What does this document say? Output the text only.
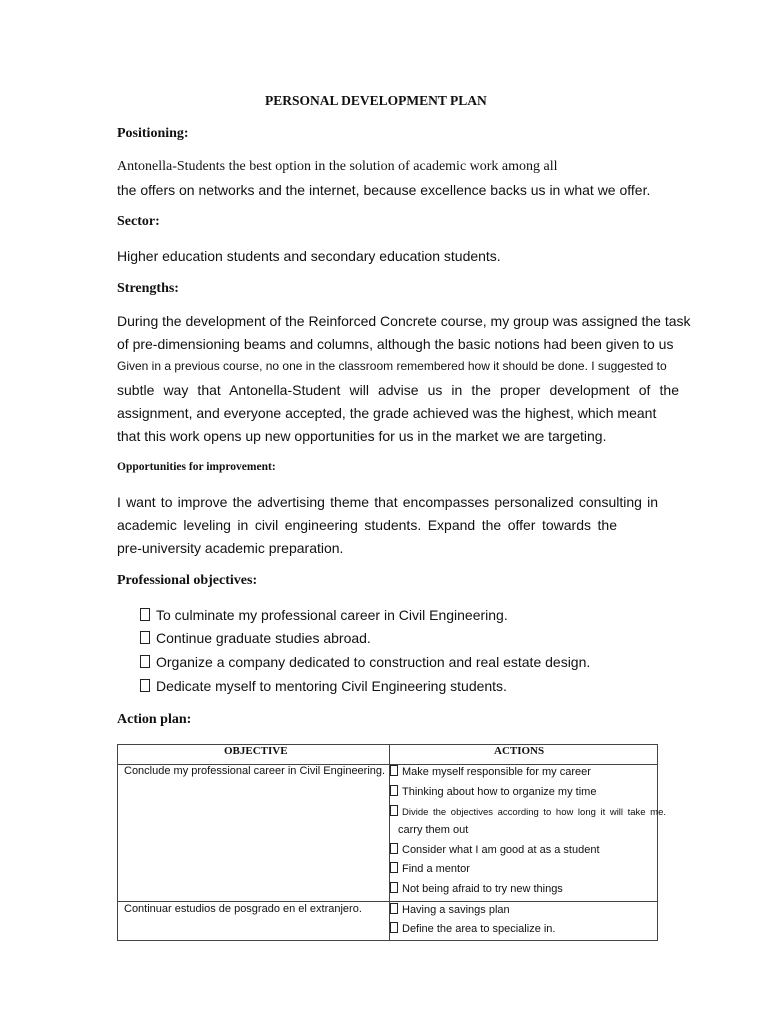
PERSONAL DEVELOPMENT PLAN
Positioning:
Antonella-Students the best option in the solution of academic work among all
the offers on networks and the internet, because excellence backs us in what we offer.
Sector:
Higher education students and secondary education students.
Strengths:
During the development of the Reinforced Concrete course, my group was assigned the task
of pre-dimensioning beams and columns, although the basic notions had been given to us
Given in a previous course, no one in the classroom remembered how it should be done. I suggested to
subtle way that Antonella-Student will advise us in the proper development of the
assignment, and everyone accepted, the grade achieved was the highest, which meant
that this work opens up new opportunities for us in the market we are targeting.
Opportunities for improvement:
I want to improve the advertising theme that encompasses personalized consulting in
academic leveling in civil engineering students. Expand the offer towards the
pre-university academic preparation.
Professional objectives:
To culminate my professional career in Civil Engineering.
Continue graduate studies abroad.
Organize a company dedicated to construction and real estate design.
Dedicate myself to mentoring Civil Engineering students.
Action plan:
OBJECTIVE	ACTIONS
Conclude my professional career in Civil Engineering.	Make myself responsible for my career
Thinking about how to organize my time
Divide the objectives according to how long it will take me.
carry them out
Consider what I am good at as a student
Find a mentor
Not being afraid to try new things
Continuar estudios de posgrado en el extranjero.	Having a savings plan
Define the area to specialize in.
